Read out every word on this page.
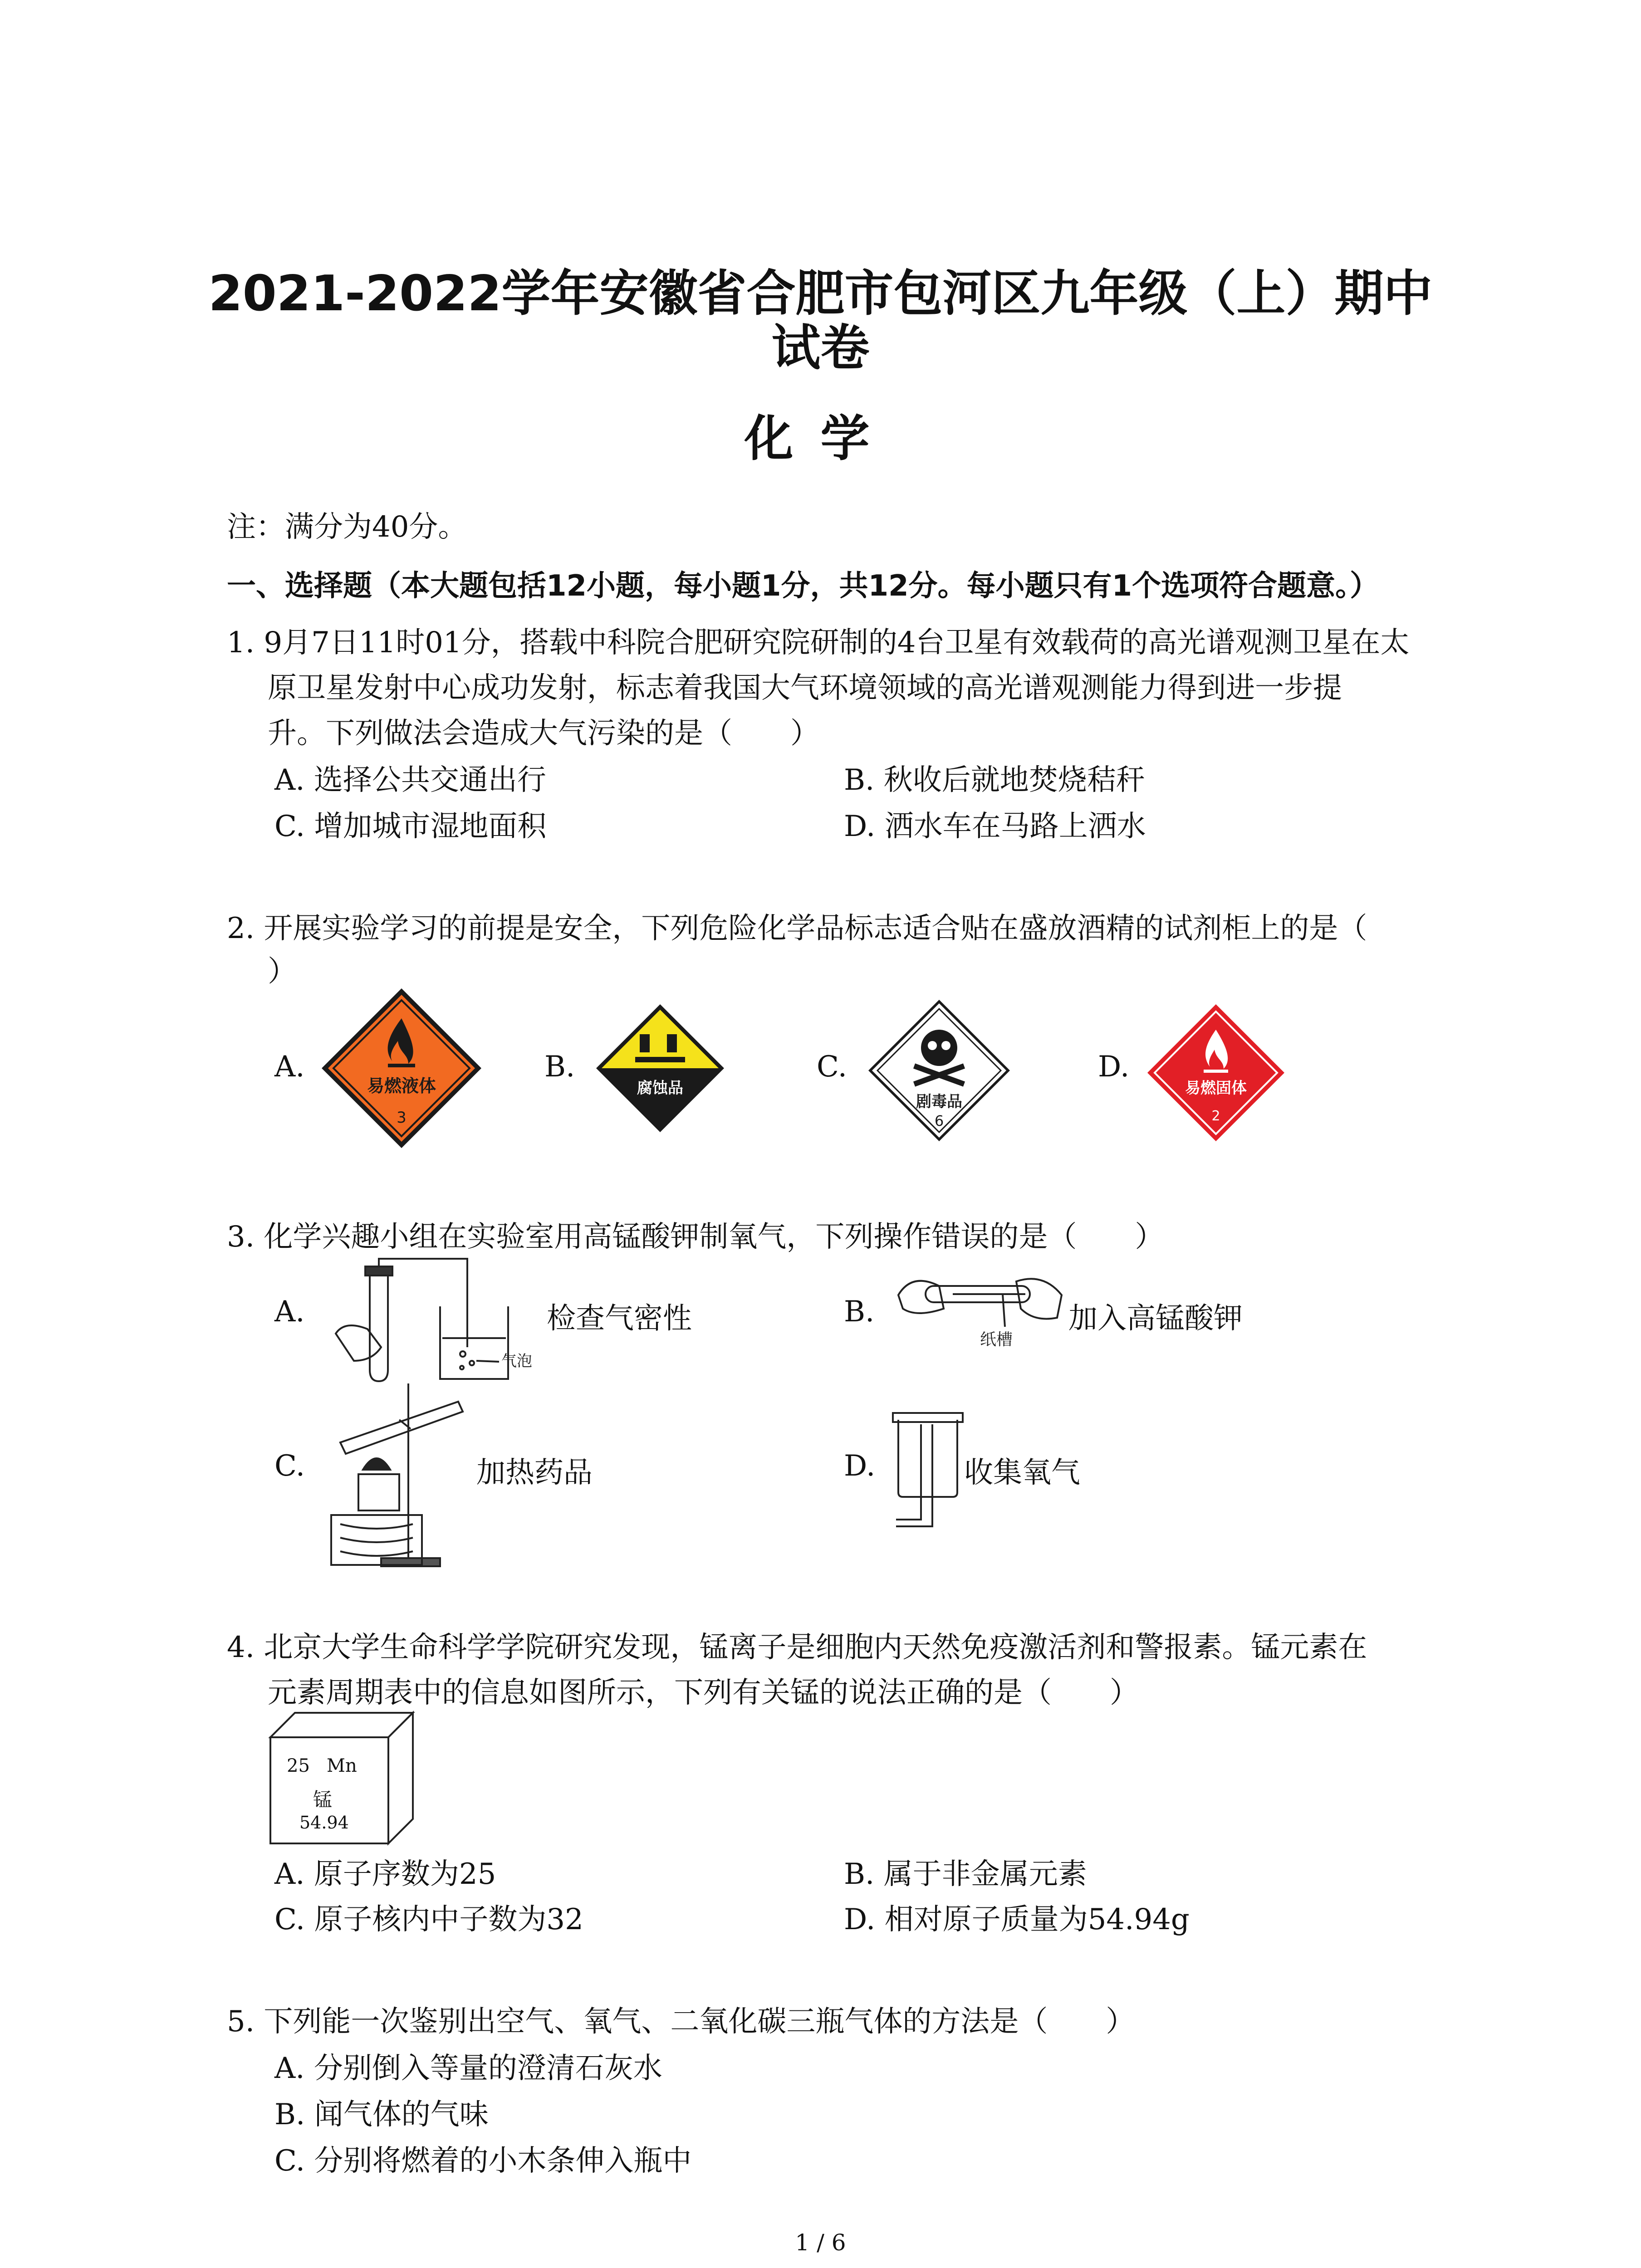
2021-2022学年安徽省合肥市包河区九年级（上）期中
试卷
化学
注：满分为40分。
一、选择题（本大题包括12小题，每小题1分，共12分。每小题只有1个选项符合题意。）
1. 9月7日11时01分，搭载中科院合肥研究院研制的4台卫星有效载荷的高光谱观测卫星在太
原卫星发射中心成功发射，标志着我国大气环境领域的高光谱观测能力得到进一步提
升。下列做法会造成大气污染的是（　　）
A. 选择公共交通出行	B. 秋收后就地焚烧秸秆
C. 增加城市湿地面积	D. 洒水车在马路上洒水
2. 开展实验学习的前提是安全，下列危险化学品标志适合贴在盛放酒精的试剂柜上的是（
）
A.
易燃液体
3
B.
腐蚀品
C.
剧毒品
6
D.
易燃固体
2
3. 化学兴趣小组在实验室用高锰酸钾制氧气，下列操作错误的是（　　）
A.
气泡
检查气密性	B.
纸槽
加入高锰酸钾
C.	加热药品	D.	收集氧气
4. 北京大学生命科学学院研究发现，锰离子是细胞内天然免疫激活剂和警报素。锰元素在
元素周期表中的信息如图所示，下列有关锰的说法正确的是（　　）
25 Mn
锰
54.94
A. 原子序数为25	B. 属于非金属元素
C. 原子核内中子数为32	D. 相对原子质量为54.94g
5. 下列能一次鉴别出空气、氧气、二氧化碳三瓶气体的方法是（　　）
A. 分别倒入等量的澄清石灰水
B. 闻气体的气味
C. 分别将燃着的小木条伸入瓶中
1 / 6
